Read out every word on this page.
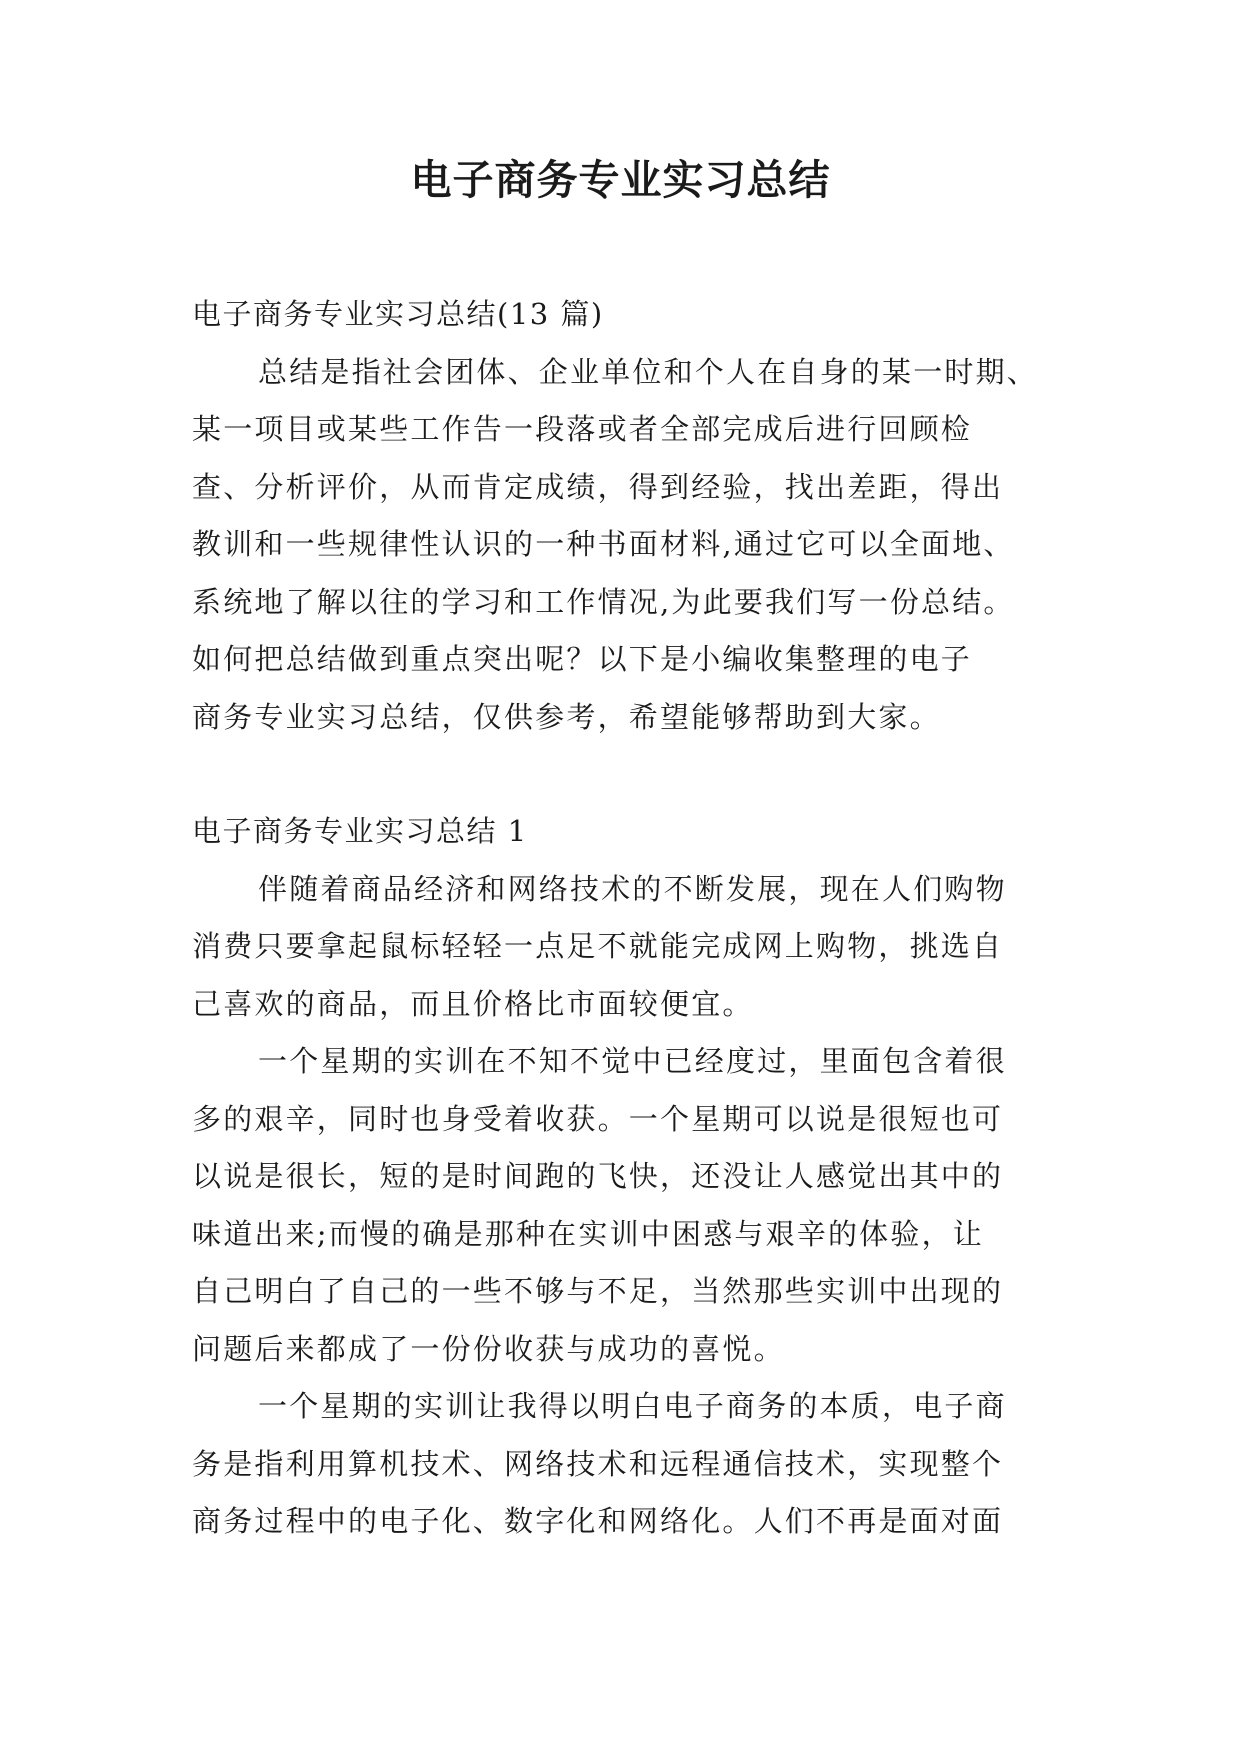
电子商务专业实习总结
电子商务专业实习总结(13 篇)
总结是指社会团体、企业单位和个人在自身的某一时期、
某一项目或某些工作告一段落或者全部完成后进行回顾检
查、分析评价，从而肯定成绩，得到经验，找出差距，得出
教训和一些规律性认识的一种书面材料,通过它可以全面地、
系统地了解以往的学习和工作情况,为此要我们写一份总结。
如何把总结做到重点突出呢？以下是小编收集整理的电子
商务专业实习总结，仅供参考，希望能够帮助到大家。
电子商务专业实习总结 1
伴随着商品经济和网络技术的不断发展，现在人们购物
消费只要拿起鼠标轻轻一点足不就能完成网上购物，挑选自
己喜欢的商品，而且价格比市面较便宜。
一个星期的实训在不知不觉中已经度过，里面包含着很
多的艰辛，同时也身受着收获。一个星期可以说是很短也可
以说是很长，短的是时间跑的飞快，还没让人感觉出其中的
味道出来;而慢的确是那种在实训中困惑与艰辛的体验，让
自己明白了自己的一些不够与不足，当然那些实训中出现的
问题后来都成了一份份收获与成功的喜悦。
一个星期的实训让我得以明白电子商务的本质，电子商
务是指利用算机技术、网络技术和远程通信技术，实现整个
商务过程中的电子化、数字化和网络化。人们不再是面对面
